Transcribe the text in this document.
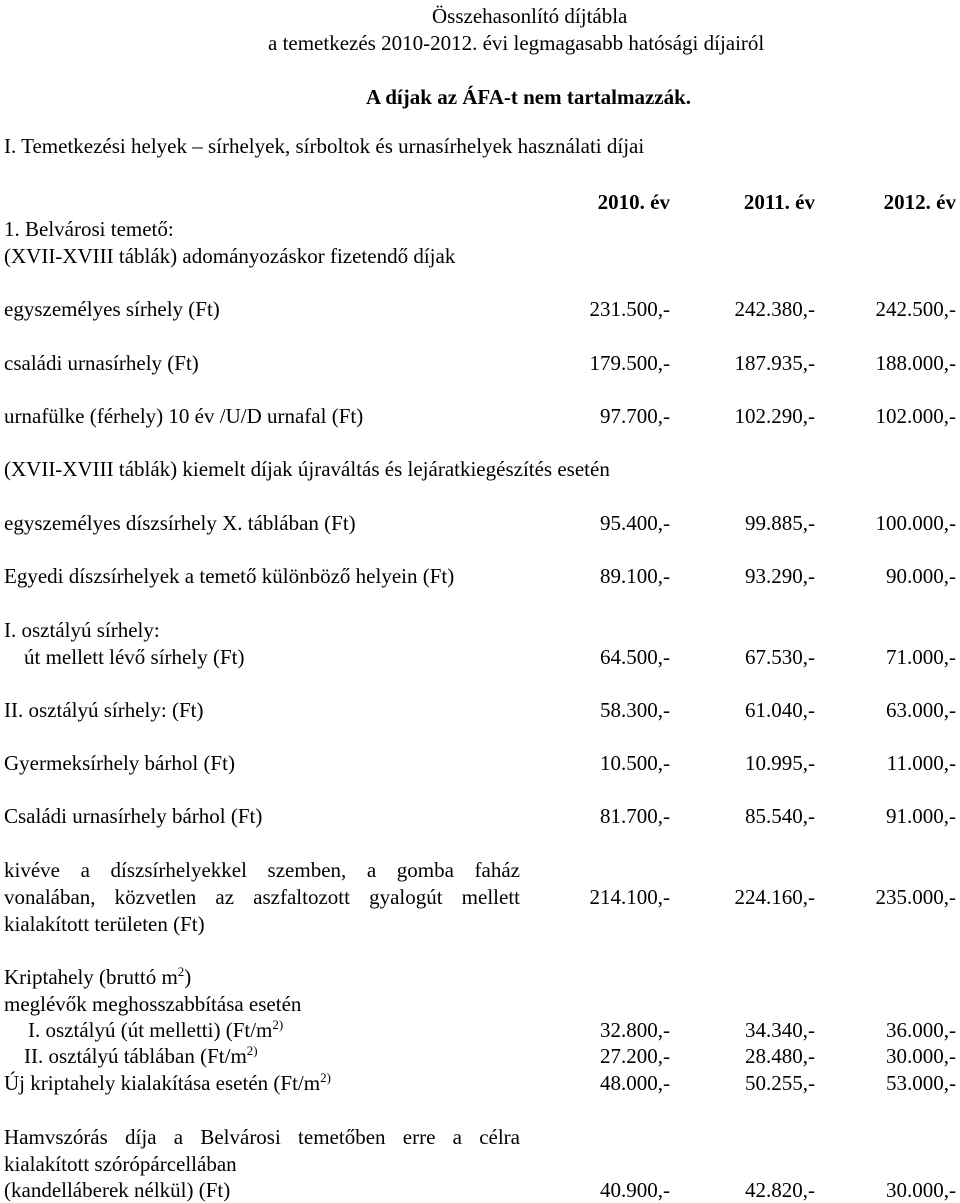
Összehasonlító díjtábla
a temetkezés 2010-2012. évi legmagasabb hatósági díjairól
A díjak az ÁFA-t nem tartalmazzák.
I. Temetkezési helyek – sírhelyek, sírboltok és urnasírhelyek használati díjai
2010. év	2011. év	2012. év
1. Belvárosi temető:
(XVII-XVIII táblák) adományozáskor fizetendő díjak
egyszemélyes sírhely (Ft)	231.500,-	242.380,-	242.500,-
családi urnasírhely (Ft)	179.500,-	187.935,-	188.000,-
urnafülke (férhely) 10 év /U/D urnafal (Ft)	97.700,-	102.290,-	102.000,-
(XVII-XVIII táblák) kiemelt díjak újraváltás és lejáratkiegészítés esetén
egyszemélyes díszsírhely X. táblában (Ft)	95.400,-	99.885,-	100.000,-
Egyedi díszsírhelyek a temető különböző helyein (Ft)	89.100,-	93.290,-	90.000,-
I. osztályú sírhely:
út mellett lévő sírhely (Ft)	64.500,-	67.530,-	71.000,-
II. osztályú sírhely: (Ft)	58.300,-	61.040,-	63.000,-
Gyermeksírhely bárhol (Ft)	10.500,-	10.995,-	11.000,-
Családi urnasírhely bárhol (Ft)	81.700,-	85.540,-	91.000,-
kivéve a díszsírhelyekkel szemben, a gomba faház
vonalában, közvetlen az aszfaltozott gyalogút mellett
kialakított területen (Ft)
214.100,-	224.160,-	235.000,-
Kriptahely (bruttó $m^2$)
meglévők meghosszabbítása esetén
I. osztályú (út melletti) ($Ft/m^{2)}$	32.800,-	34.340,-	36.000,-
II. osztályú táblában ($Ft/m^{2)}$	27.200,-	28.480,-	30.000,-
Új kriptahely kialakítása esetén ($Ft/m^{2)}$	48.000,-	50.255,-	53.000,-
Hamvszórás díja a Belvárosi temetőben erre a célra
kialakított szórópárcellában
(kandelláberek nélkül) (Ft)	40.900,-	42.820,-	30.000,-
